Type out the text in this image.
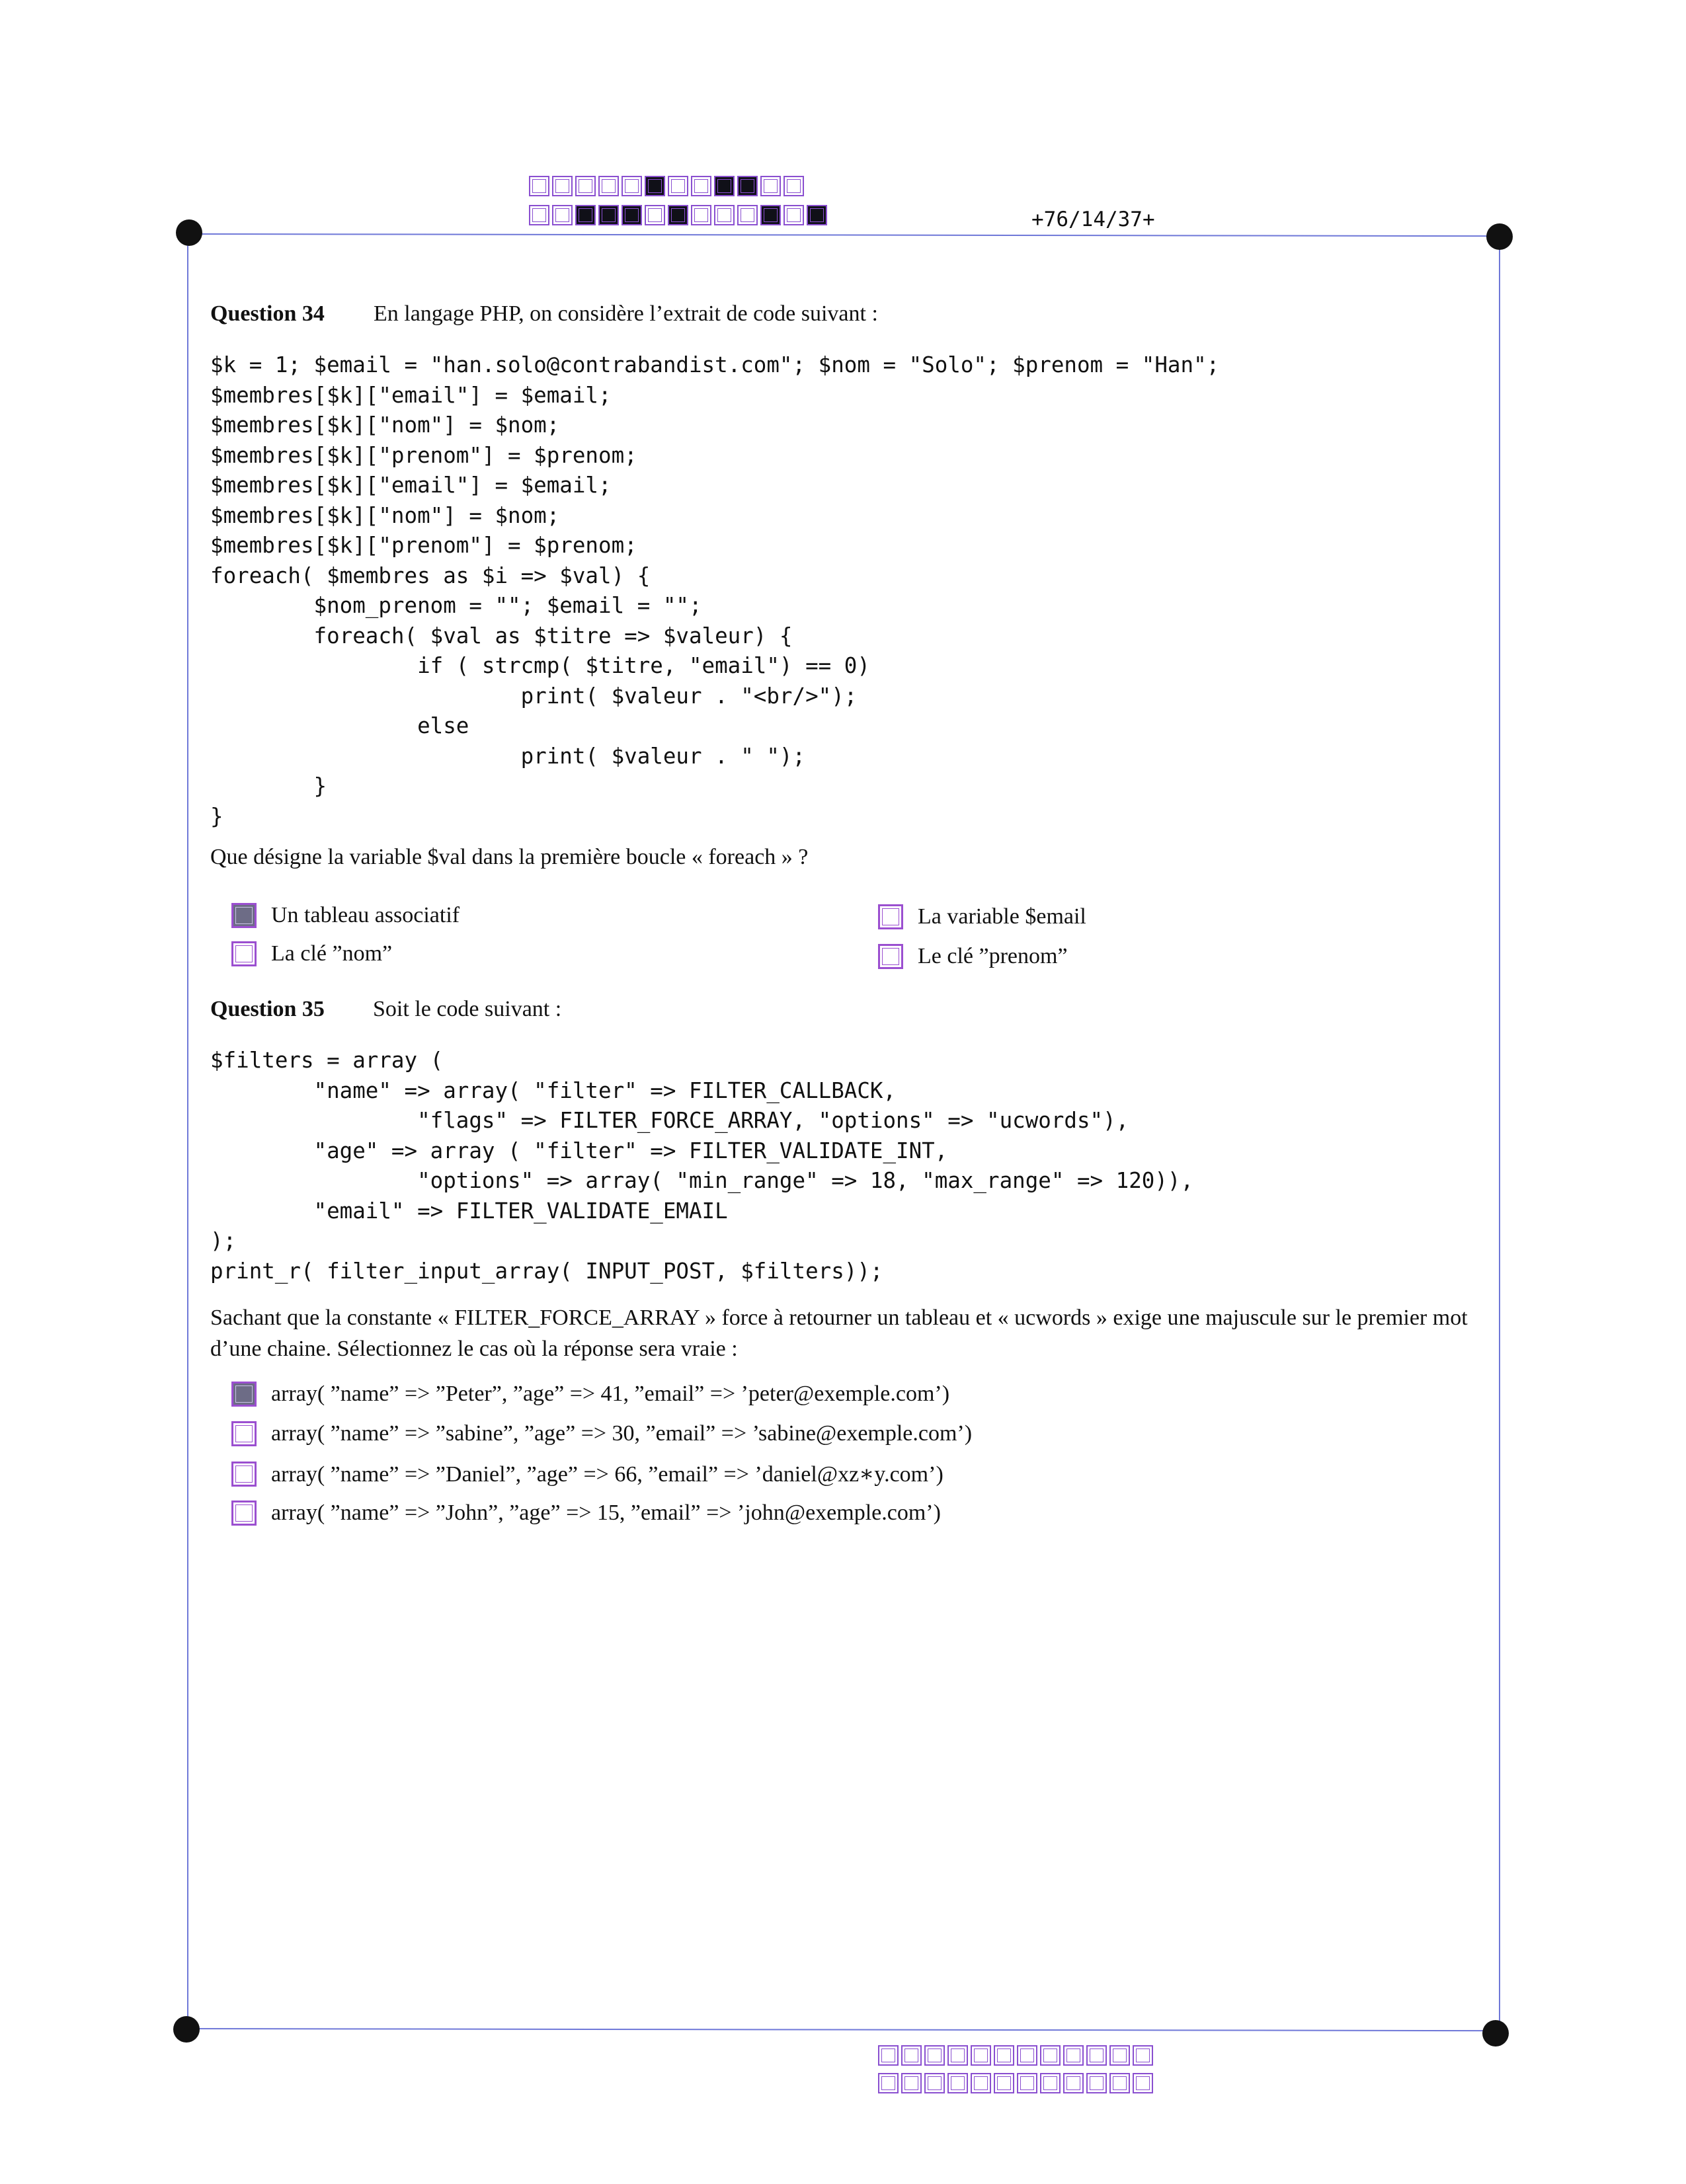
+76/14/37+
Question 34 En langage PHP, on considère l’extrait de code suivant :
$k = 1; $email = "han.solo@contrabandist.com"; $nom = "Solo"; $prenom = "Han";
$membres[$k]["email"] = $email;
$membres[$k]["nom"] = $nom;
$membres[$k]["prenom"] = $prenom;
$membres[$k]["email"] = $email;
$membres[$k]["nom"] = $nom;
$membres[$k]["prenom"] = $prenom;
foreach( $membres as $i => $val) {
$nom_prenom = ""; $email = "";
foreach( $val as $titre => $valeur) {
if ( strcmp( $titre, "email") == 0)
print( $valeur . "<br/>");
else
print( $valeur . " ");
}
}
Que désigne la variable $val dans la première boucle « foreach » ?
Un tableau associatif	La variable $email
La clé ”nom”	Le clé ”prenom”
Question 35 Soit le code suivant :
$filters = array (
"name" => array( "filter" => FILTER_CALLBACK,
"flags" => FILTER_FORCE_ARRAY, "options" => "ucwords"),
"age" => array ( "filter" => FILTER_VALIDATE_INT,
"options" => array( "min_range" => 18, "max_range" => 120)),
"email" => FILTER_VALIDATE_EMAIL
);
print_r( filter_input_array( INPUT_POST, $filters));
Sachant que la constante « FILTER_FORCE_ARRAY » force à retourner un tableau et « ucwords » exige une majuscule sur le premier mot d’une chaine. Sélectionnez le cas où la réponse sera vraie :
array( ”name” => ”Peter”, ”age” => 41, ”email” => ’peter@exemple.com’)
array( ”name” => ”sabine”, ”age” => 30, ”email” => ’sabine@exemple.com’)
array( ”name” => ”Daniel”, ”age” => 66, ”email” => ’daniel@xz∗y.com’)
array( ”name” => ”John”, ”age” => 15, ”email” => ’john@exemple.com’)
